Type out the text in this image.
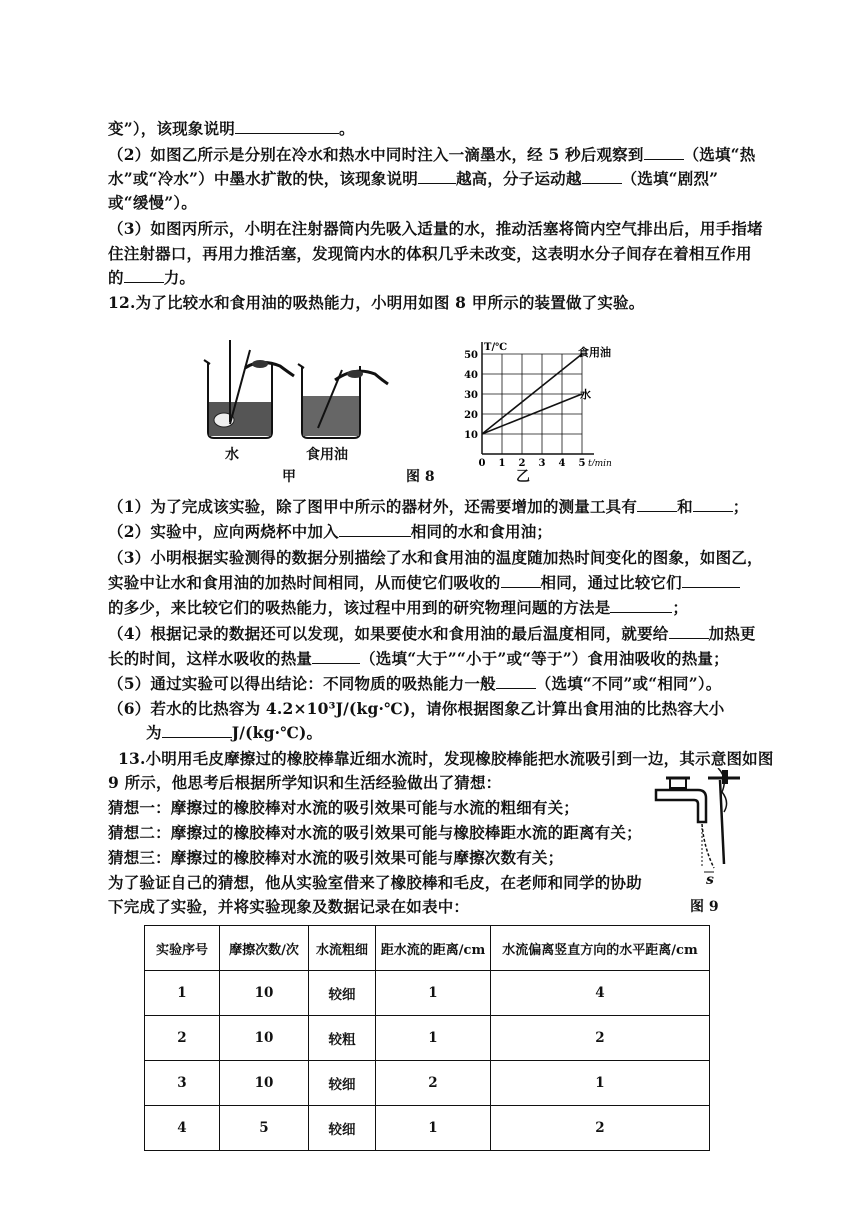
变”），该现象说明	。
（2）如图乙所示是分别在冷水和热水中同时注入一滴墨水，经 5 秒后观察到	（选填“热
水”或“冷水”）中墨水扩散的快，该现象说明 越高，分子运动越	（选填“剧烈”
或“缓慢”）。
（3）如图丙所示，小明在注射器筒内先吸入适量的水，推动活塞将筒内空气排出后，用手指堵
住注射器口，再用力推活塞，发现筒内水的体积几乎未改变，这表明水分子间存在着相互作用
的	力。
12.为了比较水和食用油的吸热能力，小明用如图 8 甲所示的装置做了实验。
水	食用油
甲	图 8
10
20
30
40
50
0 1 2 3 4 5
T/℃
t/min
食用油
水
乙
（1）为了完成该实验，除了图甲中所示的器材外，还需要增加的测量工具有	和	；
（2）实验中，应向两烧杯中加入	相同的水和食用油；
（3）小明根据实验测得的数据分别描绘了水和食用油的温度随加热时间变化的图象，如图乙，
实验中让水和食用油的加热时间相同，从而使它们吸收的	相同，通过比较它们
的多少，来比较它们的吸热能力，该过程中用到的研究物理问题的方法是	；
（4）根据记录的数据还可以发现，如果要使水和食用油的最后温度相同，就要给	加热更
长的时间，这样水吸收的热量	（选填“大于”“小于”或“等于”）食用油吸收的热量；
（5）通过实验可以得出结论：不同物质的吸热能力一般	（选填“不同”或“相同”）。
（6）若水的比热容为 4.2×10³J/(kg·℃)，请你根据图象乙计算出食用油的比热容大小
为	J/(kg·℃)。
13.小明用毛皮摩擦过的橡胶棒靠近细水流时，发现橡胶棒能把水流吸引到一边，其示意图如图
9 所示，他思考后根据所学知识和生活经验做出了猜想：
猜想一：摩擦过的橡胶棒对水流的吸引效果可能与水流的粗细有关；
猜想二：摩擦过的橡胶棒对水流的吸引效果可能与橡胶棒距水流的距离有关；
猜想三：摩擦过的橡胶棒对水流的吸引效果可能与摩擦次数有关；
为了验证自己的猜想，他从实验室借来了橡胶棒和毛皮，在老师和同学的协助
下完成了实验，并将实验现象及数据记录在如表中：
s
图 9
实验序号	摩擦次数/次	水流粗细	距水流的距离/cm	水流偏离竖直方向的水平距离/cm
1	10	较细	1	4
2	10	较粗	1	2
3	10	较细	2	1
4	5	较细	1	2
